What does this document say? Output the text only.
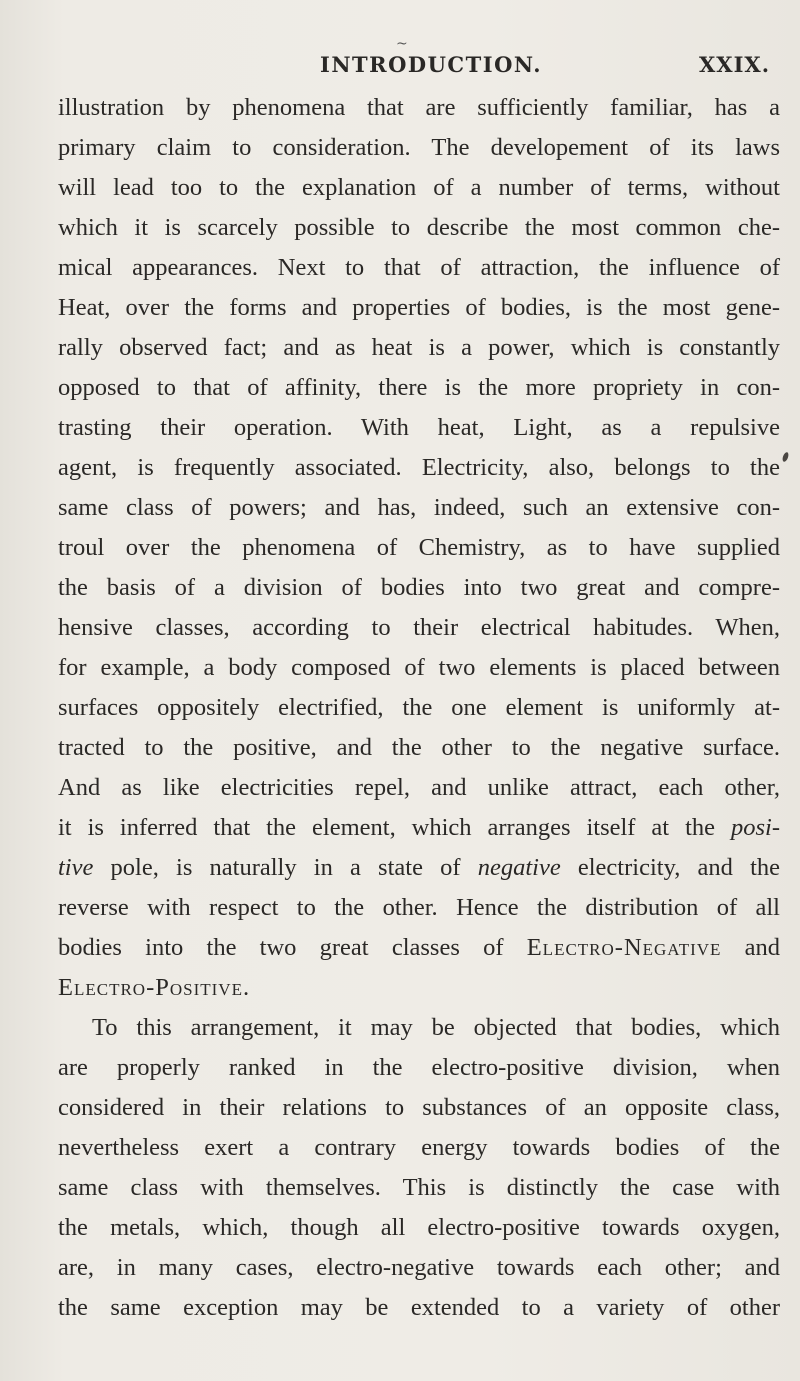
~
INTRODUCTION.	XXIX.
illustration by phenomena that are sufficiently familiar, has a
primary claim to consideration. The developement of its laws
will lead too to the explanation of a number of terms, without
which it is scarcely possible to describe the most common che-
mical appearances. Next to that of attraction, the influence of
Heat, over the forms and properties of bodies, is the most gene-
rally observed fact; and as heat is a power, which is constantly
opposed to that of affinity, there is the more propriety in con-
trasting their operation. With heat, Light, as a repulsive
agent, is frequently associated. Electricity, also, belongs to the
same class of powers; and has, indeed, such an extensive con-
troul over the phenomena of Chemistry, as to have supplied
the basis of a division of bodies into two great and compre-
hensive classes, according to their electrical habitudes. When,
for example, a body composed of two elements is placed between
surfaces oppositely electrified, the one element is uniformly at-
tracted to the positive, and the other to the negative surface.
And as like electricities repel, and unlike attract, each other,
it is inferred that the element, which arranges itself at the posi-
tive pole, is naturally in a state of negative electricity, and the
reverse with respect to the other. Hence the distribution of all
bodies into the two great classes of Electro-Negative and
Electro-Positive.
To this arrangement, it may be objected that bodies, which
are properly ranked in the electro-positive division, when
considered in their relations to substances of an opposite class,
nevertheless exert a contrary energy towards bodies of the
same class with themselves. This is distinctly the case with
the metals, which, though all electro-positive towards oxygen,
are, in many cases, electro-negative towards each other; and
the same exception may be extended to a variety of other
